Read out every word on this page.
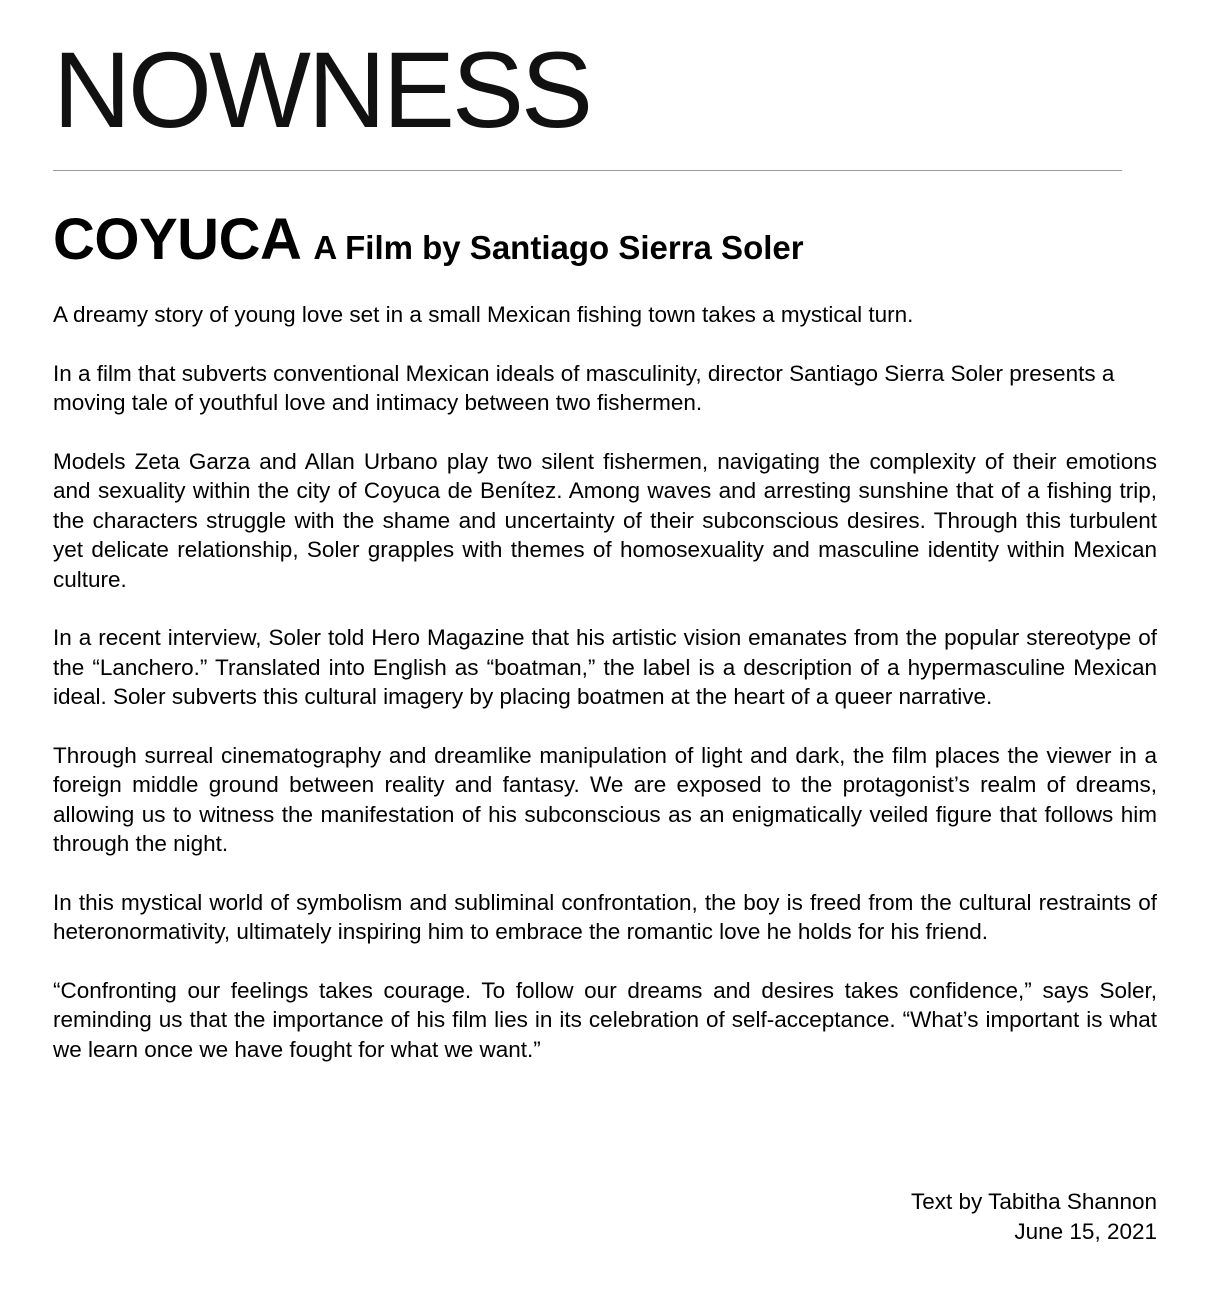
NOWNESS
COYUCA A Film by Santiago Sierra Soler

A dreamy story of young love set in a small Mexican fishing town takes a mystical turn.

In a film that subverts conventional Mexican ideals of masculinity, director Santiago Sierra Soler presents a moving tale of youthful love and intimacy between two fishermen.

Models Zeta Garza and Allan Urbano play two silent fishermen, navigating the complexity of their emotions and sexuality within the city of Coyuca de Benítez. Among waves and arresting sunshine that of a fishing trip, the characters struggle with the shame and uncertainty of their subconscious desires. Through this turbulent yet delicate relationship, Soler grapples with themes of homosexuality and masculine identity within Mexican culture.

In a recent interview, Soler told Hero Magazine that his artistic vision emanates from the popular stereotype of the “Lanchero.” Translated into English as “boatman,” the label is a description of a hypermasculine Mexican ideal. Soler subverts this cultural imagery by placing boatmen at the heart of a queer narrative.

Through surreal cinematography and dreamlike manipulation of light and dark, the film places the viewer in a foreign middle ground between reality and fantasy. We are exposed to the protagonist’s realm of dreams, allowing us to witness the manifestation of his subconscious as an enigmatically veiled figure that follows him through the night.

In this mystical world of symbolism and subliminal confrontation, the boy is freed from the cultural restraints of heteronormativity, ultimately inspiring him to embrace the romantic love he holds for his friend.

“Confronting our feelings takes courage. To follow our dreams and desires takes confidence,” says Soler, reminding us that the importance of his film lies in its celebration of self-acceptance. “What’s important is what we learn once we have fought for what we want.”

Text by Tabitha Shannon
June 15, 2021
